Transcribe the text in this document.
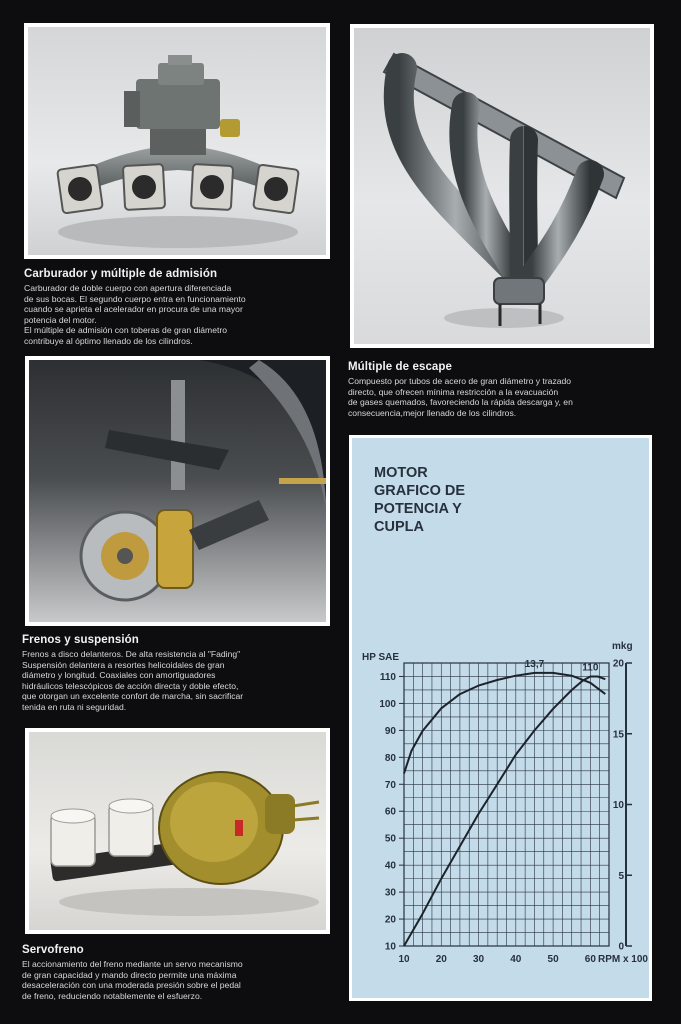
Carburador y múltiple de admisión

Carburador de doble cuerpo con apertura diferenciada
de sus bocas. El segundo cuerpo entra en funcionamiento
cuando se aprieta el acelerador en procura de una mayor
potencia del motor.
El múltiple de admisión con toberas de gran diámetro
contribuye al óptimo llenado de los cilindros.

Múltiple de escape

Compuesto por tubos de acero de gran diámetro y trazado
directo, que ofrecen mínima restricción a la evacuación
de gases quemados, favoreciendo la rápida descarga y, en
consecuencia,mejor llenado de los cilindros.

Frenos y suspensión

Frenos a disco delanteros. De alta resistencia al "Fading"
Suspensión delantera a resortes helicoidales de gran
diámetro y longitud. Coaxiales con amortiguadores
hidráulicos telescópicos de acción directa y doble efecto,
que otorgan un excelente confort de marcha, sin sacrificar
tenida en ruta ni seguridad.

Servofreno

El accionamiento del freno mediante un servo mecanismo
de gran capacidad y mando directo permite una máxima
desaceleración con una moderada presión sobre el pedal
de freno, reduciendo notablemente el esfuerzo.

MOTOR
GRAFICO DE
POTENCIA Y
CUPLA
10
20
30
40
50
60
70
80
90
100
110
10	20	30	40	50	60
0
5
10
15
20
HP SAE
mkg
RPM x 100
110
13,7
